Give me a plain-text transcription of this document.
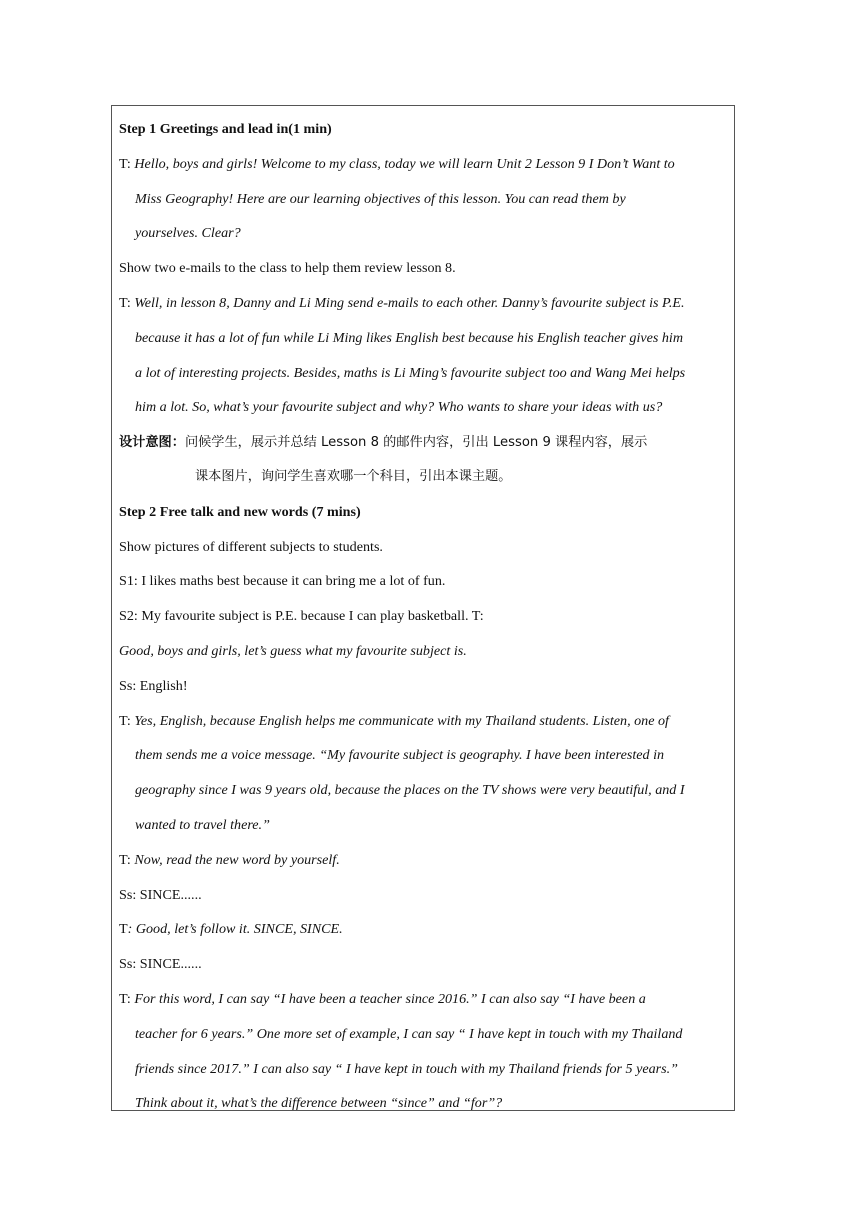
Step 1 Greetings and lead in(1 min)
T: Hello, boys and girls! Welcome to my class, today we will learn Unit 2 Lesson 9 I Don’t Want to
Miss Geography! Here are our learning objectives of this lesson. You can read them by
yourselves. Clear?
Show two e-mails to the class to help them review lesson 8.
T: Well, in lesson 8, Danny and Li Ming send e-mails to each other. Danny’s favourite subject is P.E.
because it has a lot of fun while Li Ming likes English best because his English teacher gives him
a lot of interesting projects. Besides, maths is Li Ming’s favourite subject too and Wang Mei helps
him a lot. So, what’s your favourite subject and why? Who wants to share your ideas with us?
设计意图：问候学生，展示并总结 Lesson 8 的邮件内容，引出 Lesson 9 课程内容，展示
课本图片，询问学生喜欢哪一个科目，引出本课主题。
Step 2 Free talk and new words (7 mins)
Show pictures of different subjects to students.
S1: I likes maths best because it can bring me a lot of fun.
S2: My favourite subject is P.E. because I can play basketball. T:
Good, boys and girls, let’s guess what my favourite subject is.
Ss: English!
T: Yes, English, because English helps me communicate with my Thailand students. Listen, one of
them sends me a voice message. “My favourite subject is geography. I have been interested in
geography since I was 9 years old, because the places on the TV shows were very beautiful, and I
wanted to travel there.”
T: Now, read the new word by yourself.
Ss: SINCE......
T: Good, let’s follow it. SINCE, SINCE.
Ss: SINCE......
T: For this word, I can say “I have been a teacher since 2016.” I can also say “I have been a
teacher for 6 years.” One more set of example, I can say “ I have kept in touch with my Thailand
friends since 2017.” I can also say “ I have kept in touch with my Thailand friends for 5 years.”
Think about it, what’s the difference between “since” and “for”?
